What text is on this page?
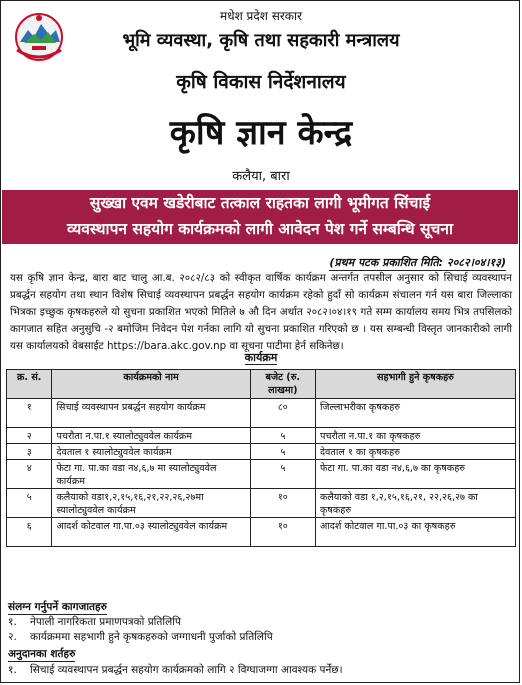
मधेश प्रदेश सरकार
भूमि व्यवस्था, कृषि तथा सहकारी मन्त्रालय
कृषि विकास निर्देशनालय
कृषि ज्ञान केन्द्र
कलैया, बारा
सुख्खा एवम खडेरीबाट तत्काल राहतका लागी भूमीगत सिंचाई
व्यवस्थापन सहयोग कार्यक्रमको लागी आवेदन पेश गर्ने सम्बन्धि सूचना
(प्रथम पटक प्रकाशित मिति: २०८२।०४।१३)
यस कृषि ज्ञान केन्द्र, बारा बाट चालु आ.ब. २०८२/८३ को स्वीकृत वार्षिक कार्यक्रम अन्तर्गत तपसील अनुसार को सिचाई व्यवस्थापन प्रबर्द्धन सहयोग तथा स्थान विशेष सिचाई व्यवस्थापन प्रबर्द्धन सहयोग कार्यक्रम रहेको हुदाँ सो कार्यक्रम संचालन गर्न यस बारा जिल्लाका भित्रका इच्छुक कृषकहरुले यो सुचना प्रकाशित भएको मितिले ७ औ दिन अर्थात २०८२।०४।१९ गते सम्म कार्यालय समय भित्र तपसिलको कागजात सहित अनुसुचि -२ बमोजिम निवेदन पेश गर्नका लागि यो सुचना प्रकाशित गरिएको छ । यस सम्बन्धी विस्तृत जानकारीको लागी यस कार्यालयको वेबसाईट https://bara.akc.gov.np वा सूचना पाटीमा हेर्न सकिनेछ।
कार्यक्रम
क्र. सं.	कार्यक्रमको नाम	बजेट (रु. लाखमा)	सहभागी हुने कृषकहरु
१	सिचाई व्यवस्थापन प्रबर्द्धन सहयोग कार्यक्रम	८०	जिल्लाभरीका कृषकहरु
२	पचरौता न.पा.१ स्यालोट्युववेल कार्यक्रम	५	पचरौता न.पा.१ का कृषकहरु
३	देवताल १ स्यालोट्युववेल कार्यक्रम	५	देवताल १ का कृषकहरु
४	फेटा गा. पा.का वडा न४,६,७ मा स्यालोट्युववेल कार्यक्रम	५	फेटा गा. पा.का वडा न४,६,७ का कृषकहरु
५	कलैयाको वडा१,२,१५,१६,२१,२२,२६,२७मा स्यालोट्युववेल कार्यक्रम	१०	कलैयाको वडा १,२,१५,१६,२१, २२,२६,२७ का कृषकहरु
६	आदर्श कोटवाल गा.पा.०३ स्यालोट्युववेल कार्यक्रम	१०	आदर्श कोटवाल गा.पा.०३ का कृषकहरु
संलग्न गर्नुपर्ने कागजातहरु
१. नेपाली नागरिकता प्रमाणपत्रको प्रतिलिपि
२. कार्यक्रममा सहभागी हुने कृषकहरुको जग्गाधनी पुर्जाको प्रतिलिपि
अनुदानका शर्तहरु
१. सिचाई व्यवस्थापन प्रबर्द्धन सहयोग कार्यक्रमको लागि २ विग्घाजग्गा आवश्यक पर्नेछ।
